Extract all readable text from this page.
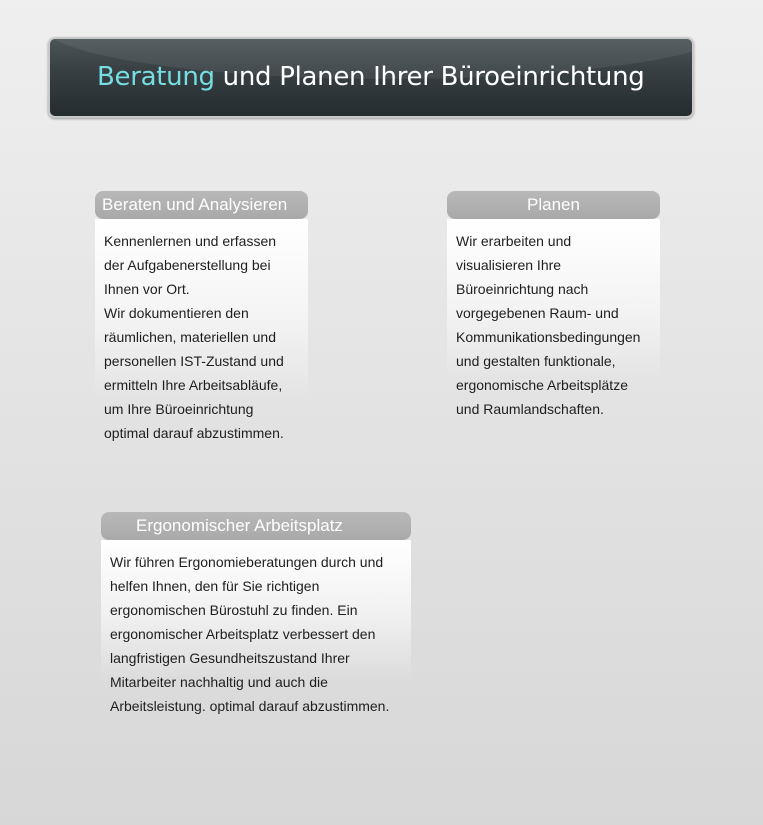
Beratung und Planen Ihrer Büroeinrichtung
Beraten und Analysieren

Kennenlernen und erfassen

der Aufgabenerstellung bei

Ihnen vor Ort.

Wir dokumentieren den

räumlichen, materiellen und

personellen IST-Zustand und

ermitteln Ihre Arbeitsabläufe,

um Ihre Büroeinrichtung

optimal darauf abzustimmen.

Planen

Wir erarbeiten und

visualisieren Ihre

Büroeinrichtung nach

vorgegebenen Raum- und

Kommunikationsbedingungen

und gestalten funktionale,

ergonomische Arbeitsplätze

und Raumlandschaften.

Ergonomischer Arbeitsplatz

Wir führen Ergonomieberatungen durch und

helfen Ihnen, den für Sie richtigen

ergonomischen Bürostuhl zu finden. Ein

ergonomischer Arbeitsplatz verbessert den

langfristigen Gesundheitszustand Ihrer

Mitarbeiter nachhaltig und auch die

Arbeitsleistung. optimal darauf abzustimmen.
